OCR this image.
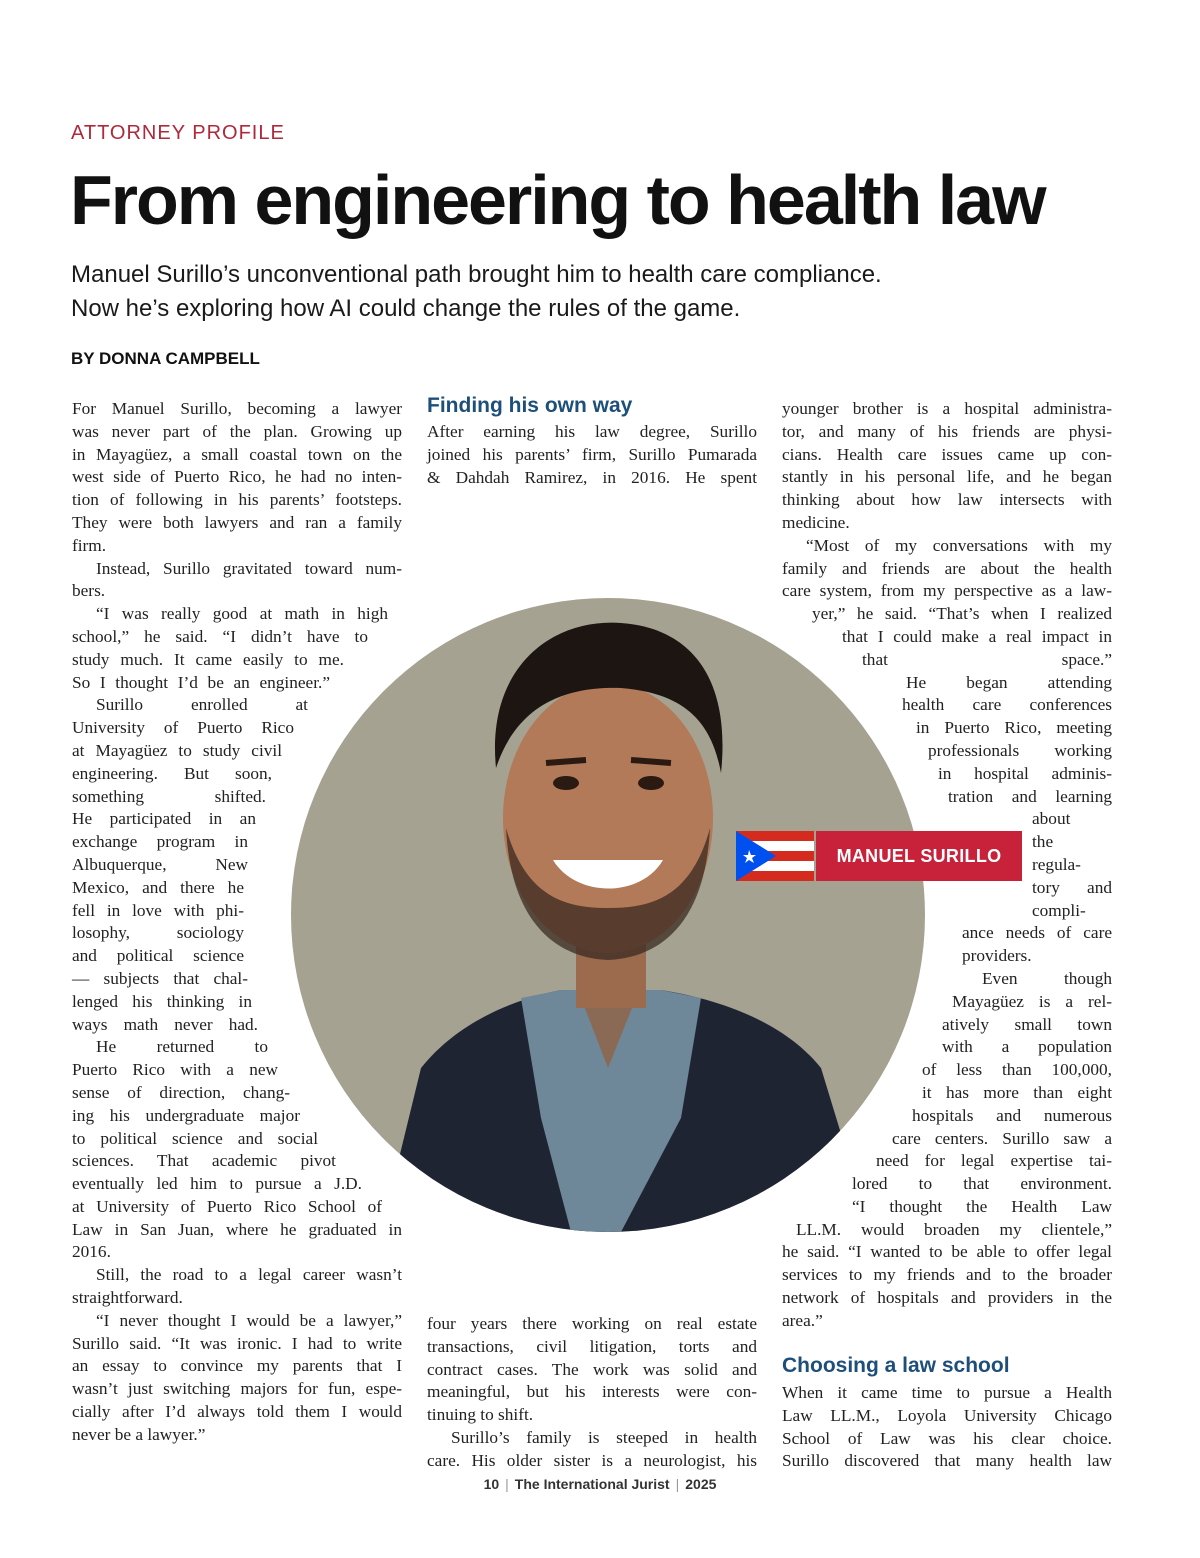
ATTORNEY PROFILE
From engineering to health law
Manuel Surillo’s unconventional path brought him to health care compliance.
Now he’s exploring how AI could change the rules of the game.
BY DONNA CAMPBELL
MANUEL SURILLO
For Manuel Surillo, becoming a lawyer
was never part of the plan. Growing up
in Mayagüez, a small coastal town on the
west side of Puerto Rico, he had no inten-
tion of following in his parents’ footsteps.
They were both lawyers and ran a family
firm.
Instead, Surillo gravitated toward num-
bers.
“I was really good at math in high
school,” he said. “I didn’t have to
study much. It came easily to me.
So I thought I’d be an engineer.”
Surillo enrolled at
University of Puerto Rico
at Mayagüez to study civil
engineering. But soon,
something shifted.
He participated in an
exchange program in
Albuquerque, New
Mexico, and there he
fell in love with phi-
losophy, sociology
and political science
— subjects that chal-
lenged his thinking in
ways math never had.
He returned to
Puerto Rico with a new
sense of direction, chang-
ing his undergraduate major
to political science and social
sciences. That academic pivot
eventually led him to pursue a J.D.
at University of Puerto Rico School of
Law in San Juan, where he graduated in
2016.
Still, the road to a legal career wasn’t
straightforward.
“I never thought I would be a lawyer,”
Surillo said. “It was ironic. I had to write
an essay to convince my parents that I
wasn’t just switching majors for fun, espe-
cially after I’d always told them I would
never be a lawyer.”
Finding his own way
After earning his law degree, Surillo
joined his parents’ firm, Surillo Pumarada
& Dahdah Ramirez, in 2016. He spent
four years there working on real estate
transactions, civil litigation, torts and
contract cases. The work was solid and
meaningful, but his interests were con-
tinuing to shift.
Surillo’s family is steeped in health
care. His older sister is a neurologist, his
younger brother is a hospital administra-
tor, and many of his friends are physi-
cians. Health care issues came up con-
stantly in his personal life, and he began
thinking about how law intersects with
medicine.
“Most of my conversations with my
family and friends are about the health
care system, from my perspective as a law-
yer,” he said. “That’s when I realized
that I could make a real impact in
that space.”
He began attending
health care conferences
in Puerto Rico, meeting
professionals working
in hospital adminis-
tration and learning
about
the
regula-
tory and
compli-
ance needs of care
providers.
Even though
Mayagüez is a rel-
atively small town
with a population
of less than 100,000,
it has more than eight
hospitals and numerous
care centers. Surillo saw a
need for legal expertise tai-
lored to that environment.
“I thought the Health Law
LL.M. would broaden my clientele,”
he said. “I wanted to be able to offer legal
services to my friends and to the broader
network of hospitals and providers in the
area.”
Choosing a law school
When it came time to pursue a Health
Law LL.M., Loyola University Chicago
School of Law was his clear choice.
Surillo discovered that many health law
10 | The International Jurist | 2025
